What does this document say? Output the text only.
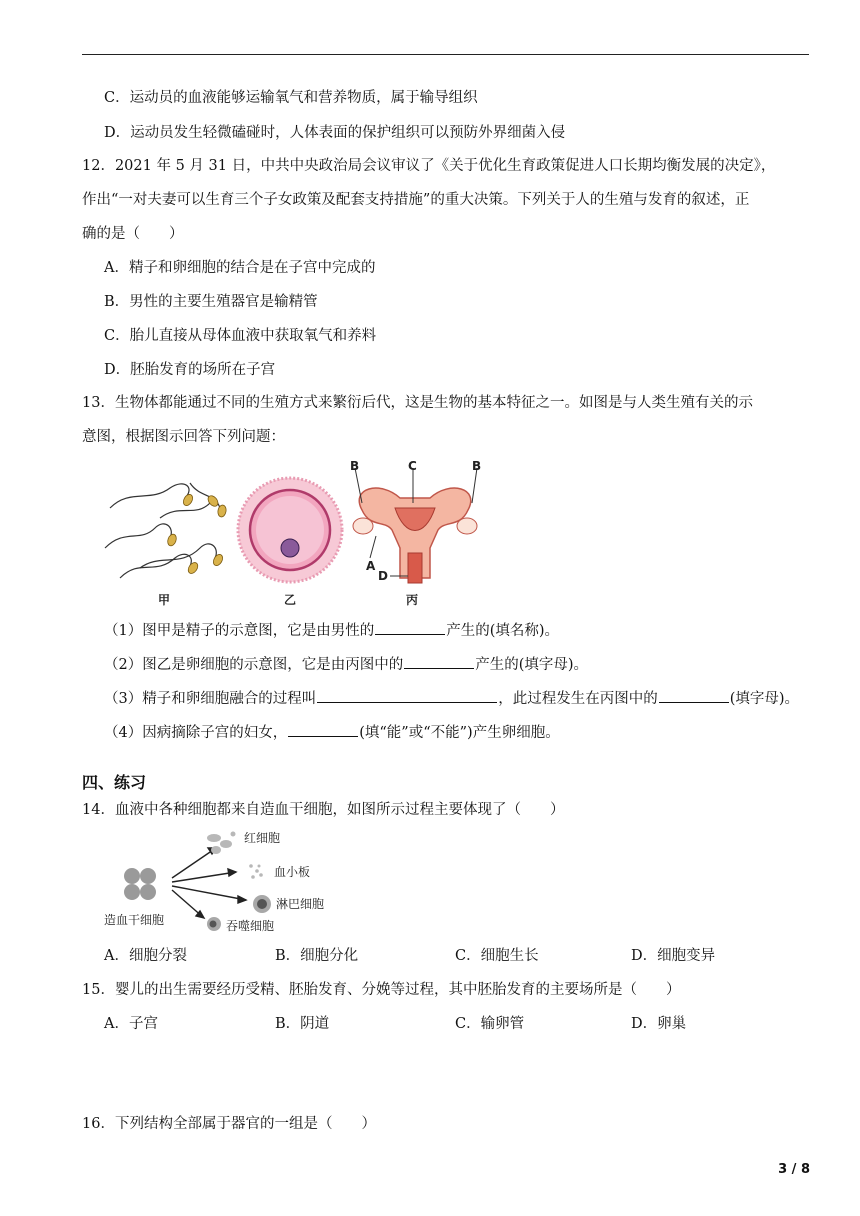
C．运动员的血液能够运输氧气和营养物质，属于输导组织
D．运动员发生轻微磕碰时，人体表面的保护组织可以预防外界细菌入侵
12．2021 年 5 月 31 日，中共中央政治局会议审议了《关于优化生育政策促进人口长期均衡发展的决定》，
作出“一对夫妻可以生育三个子女政策及配套支持措施”的重大决策。下列关于人的生殖与发育的叙述，正
确的是（　　）
A．精子和卵细胞的结合是在子宫中完成的
B．男性的主要生殖器官是输精管
C．胎儿直接从母体血液中获取氧气和养料
D．胚胎发育的场所在子宫
13．生物体都能通过不同的生殖方式来繁衍后代，这是生物的基本特征之一。如图是与人类生殖有关的示
意图，根据图示回答下列问题：
甲	乙
B	C	B
A
D
丙
（1）图甲是精子的示意图，它是由男性的	产生的(填名称)。
（2）图乙是卵细胞的示意图，它是由丙图中的	产生的(填字母)。
（3）精子和卵细胞融合的过程叫	，此过程发生在丙图中的	(填字母)。
（4）因病摘除子宫的妇女，	(填“能”或“不能”)产生卵细胞。
四、练习
14．血液中各种细胞都来自造血干细胞，如图所示过程主要体现了（　　）
造血干细胞
红细胞
血小板
淋巴细胞
吞噬细胞
A．细胞分裂	B．细胞分化	C．细胞生长	D．细胞变异
15．婴儿的出生需要经历受精、胚胎发育、分娩等过程，其中胚胎发育的主要场所是（　　）
A．子宫	B．阴道	C．输卵管	D．卵巢
16．下列结构全部属于器官的一组是（　　）
3 / 8
